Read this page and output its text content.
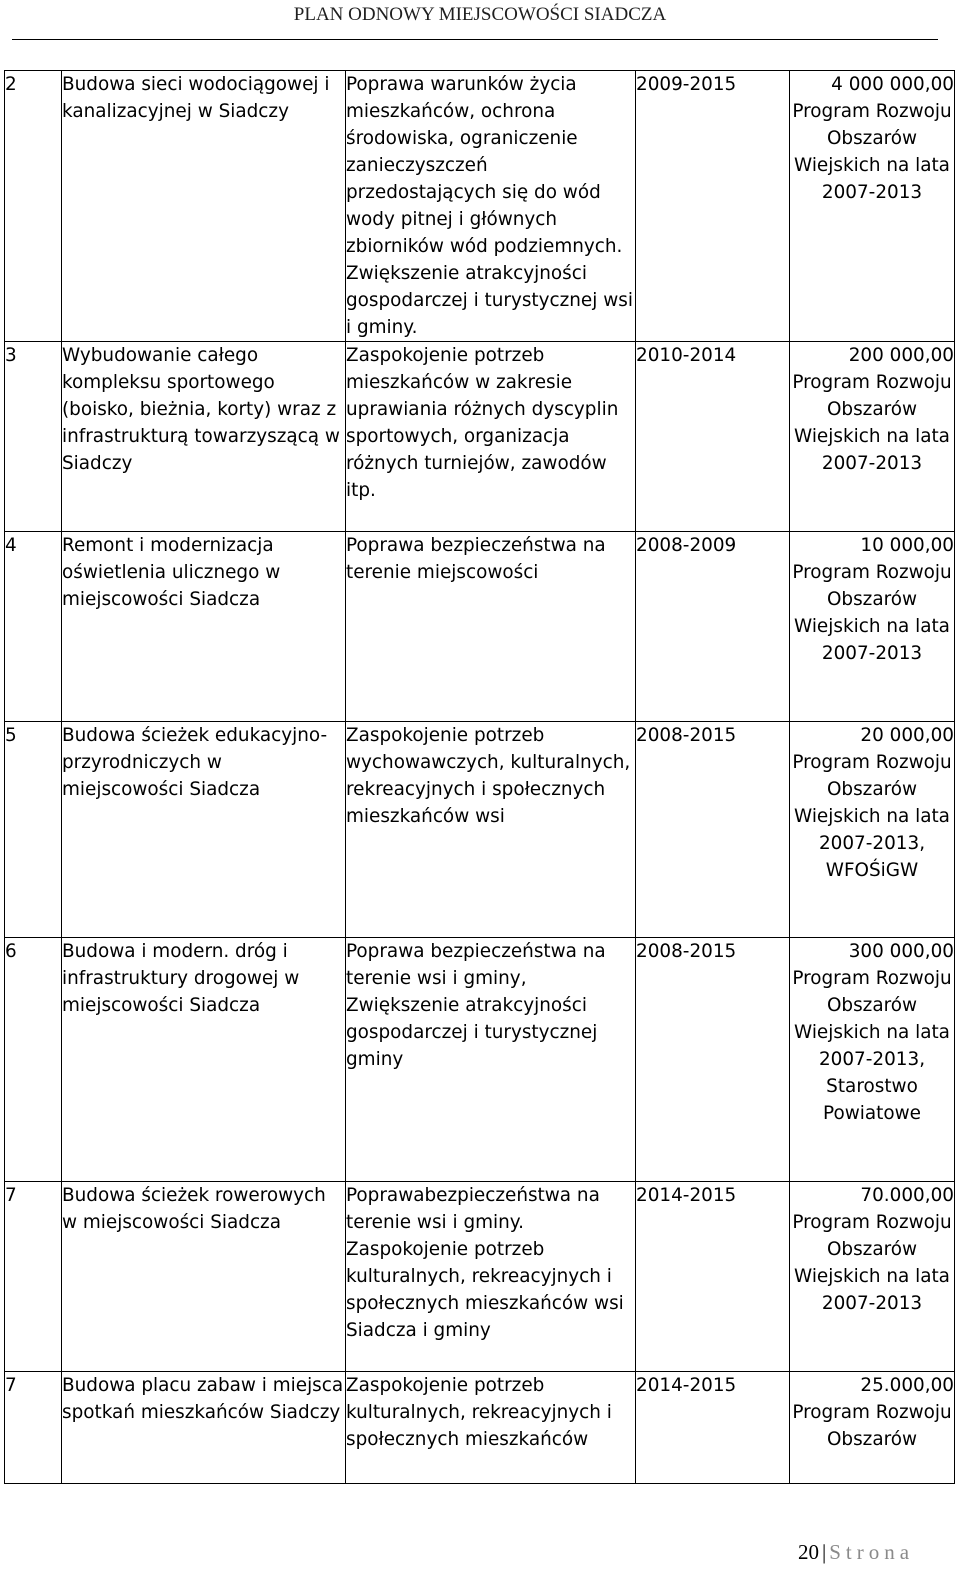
PLAN ODNOWY MIEJSCOWOŚCI SIADCZA
2	Budowa sieci wodociągowej i kanalizacyjnej w Siadczy	Poprawa warunków życia mieszkańców, ochrona środowiska, ograniczenie zanieczyszczeń przedostających się do wód wody pitnej i głównych zbiorników wód podziemnych. Zwiększenie atrakcyjności gospodarczej i turystycznej wsi i gminy.	2009-2015	4 000 000,00
Program Rozwoju Obszarów Wiejskich na lata 2007-2013
3	Wybudowanie całego kompleksu sportowego (boisko, bieżnia, korty) wraz z infrastrukturą towarzyszącą w Siadczy	Zaspokojenie potrzeb mieszkańców w zakresie uprawiania różnych dyscyplin sportowych, organizacja różnych turniejów, zawodów itp.	2010-2014	200 000,00
Program Rozwoju Obszarów Wiejskich na lata 2007-2013
4	Remont i modernizacja oświetlenia ulicznego w miejscowości Siadcza	Poprawa bezpieczeństwa na terenie miejscowości	2008-2009	10 000,00
Program Rozwoju Obszarów Wiejskich na lata 2007-2013
5	Budowa ścieżek edukacyjno-przyrodniczych w miejscowości Siadcza	Zaspokojenie potrzeb wychowawczych, kulturalnych, rekreacyjnych i społecznych mieszkańców wsi	2008-2015	20 000,00
Program Rozwoju Obszarów Wiejskich na lata 2007-2013, WFOŚiGW
6	Budowa i modern. dróg i infrastruktury drogowej w miejscowości Siadcza	Poprawa bezpieczeństwa na terenie wsi i gminy, Zwiększenie atrakcyjności gospodarczej i turystycznej gminy	2008-2015	300 000,00
Program Rozwoju Obszarów Wiejskich na lata 2007-2013, Starostwo Powiatowe
7	Budowa ścieżek rowerowych w miejscowości Siadcza	Poprawabezpieczeństwa na terenie wsi i gminy. Zaspokojenie potrzeb kulturalnych, rekreacyjnych i społecznych mieszkańców wsi Siadcza i gminy	2014-2015	70.000,00
Program Rozwoju Obszarów Wiejskich na lata 2007-2013
7	Budowa placu zabaw i miejsca spotkań mieszkańców Siadczy	Zaspokojenie potrzeb kulturalnych, rekreacyjnych i społecznych mieszkańców	2014-2015	25.000,00
Program Rozwoju Obszarów
20 | Strona
